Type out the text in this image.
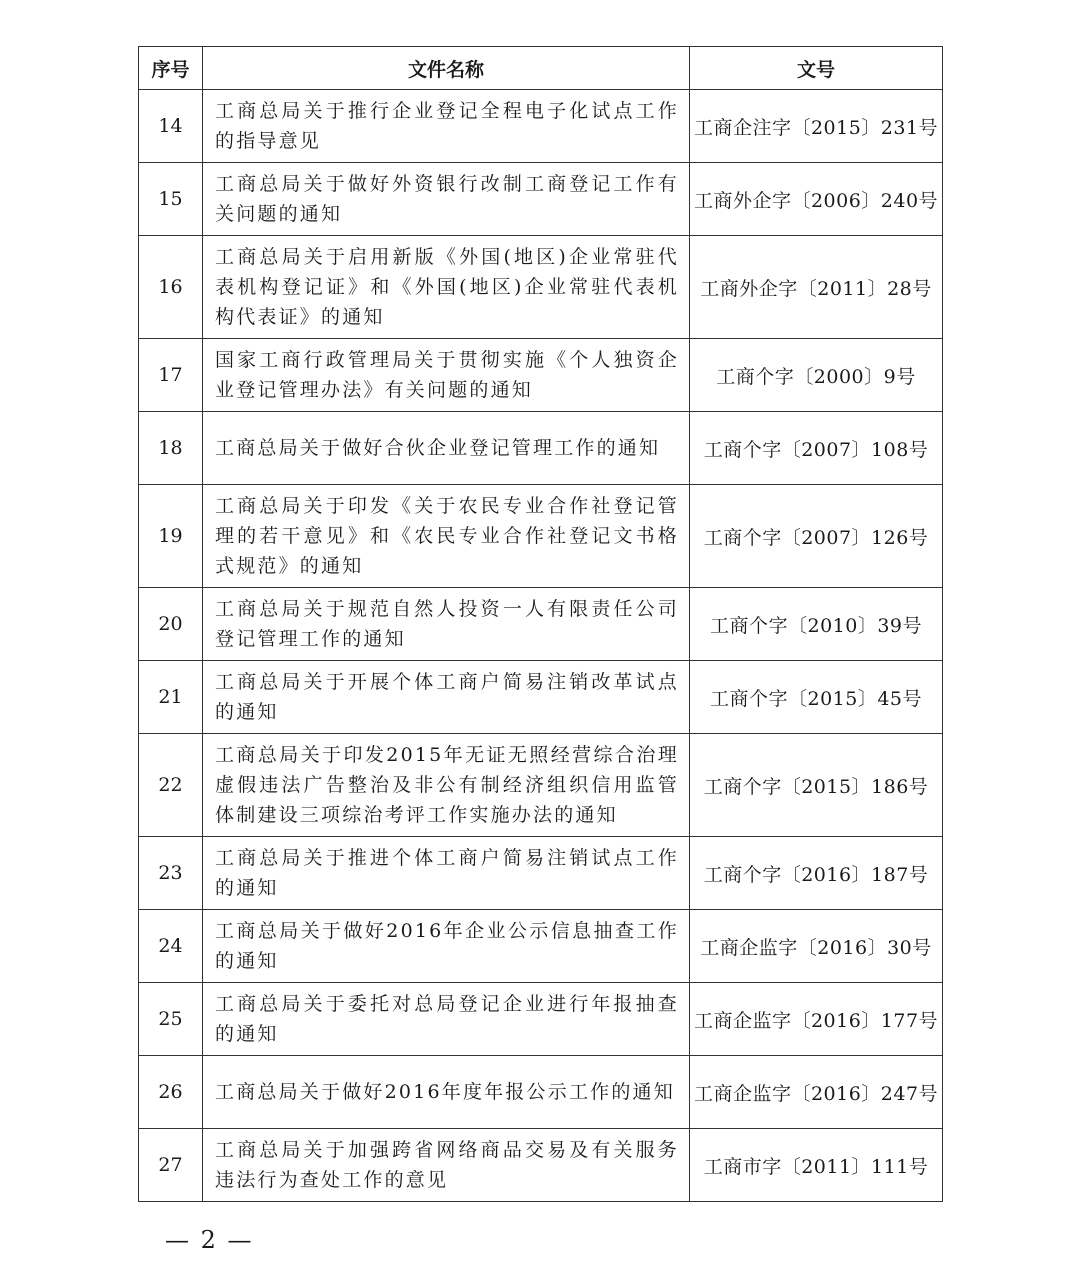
序号	文件名称	文号
14	工商总局关于推行企业登记全程电子化试点工作的指导意见	工商企注字〔2015〕231号
15	工商总局关于做好外资银行改制工商登记工作有关问题的通知	工商外企字〔2006〕240号
16	工商总局关于启用新版《外国(地区)企业常驻代表机构登记证》和《外国(地区)企业常驻代表机构代表证》的通知	工商外企字〔2011〕28号
17	国家工商行政管理局关于贯彻实施《个人独资企业登记管理办法》有关问题的通知	工商个字〔2000〕9号
18	工商总局关于做好合伙企业登记管理工作的通知	工商个字〔2007〕108号
19	工商总局关于印发《关于农民专业合作社登记管理的若干意见》和《农民专业合作社登记文书格式规范》的通知	工商个字〔2007〕126号
20	工商总局关于规范自然人投资一人有限责任公司登记管理工作的通知	工商个字〔2010〕39号
21	工商总局关于开展个体工商户简易注销改革试点的通知	工商个字〔2015〕45号
22	工商总局关于印发2015年无证无照经营综合治理虚假违法广告整治及非公有制经济组织信用监管体制建设三项综治考评工作实施办法的通知	工商个字〔2015〕186号
23	工商总局关于推进个体工商户简易注销试点工作的通知	工商个字〔2016〕187号
24	工商总局关于做好2016年企业公示信息抽查工作的通知	工商企监字〔2016〕30号
25	工商总局关于委托对总局登记企业进行年报抽查的通知	工商企监字〔2016〕177号
26	工商总局关于做好2016年度年报公示工作的通知	工商企监字〔2016〕247号
27	工商总局关于加强跨省网络商品交易及有关服务违法行为查处工作的意见	工商市字〔2011〕111号
— 2 —
